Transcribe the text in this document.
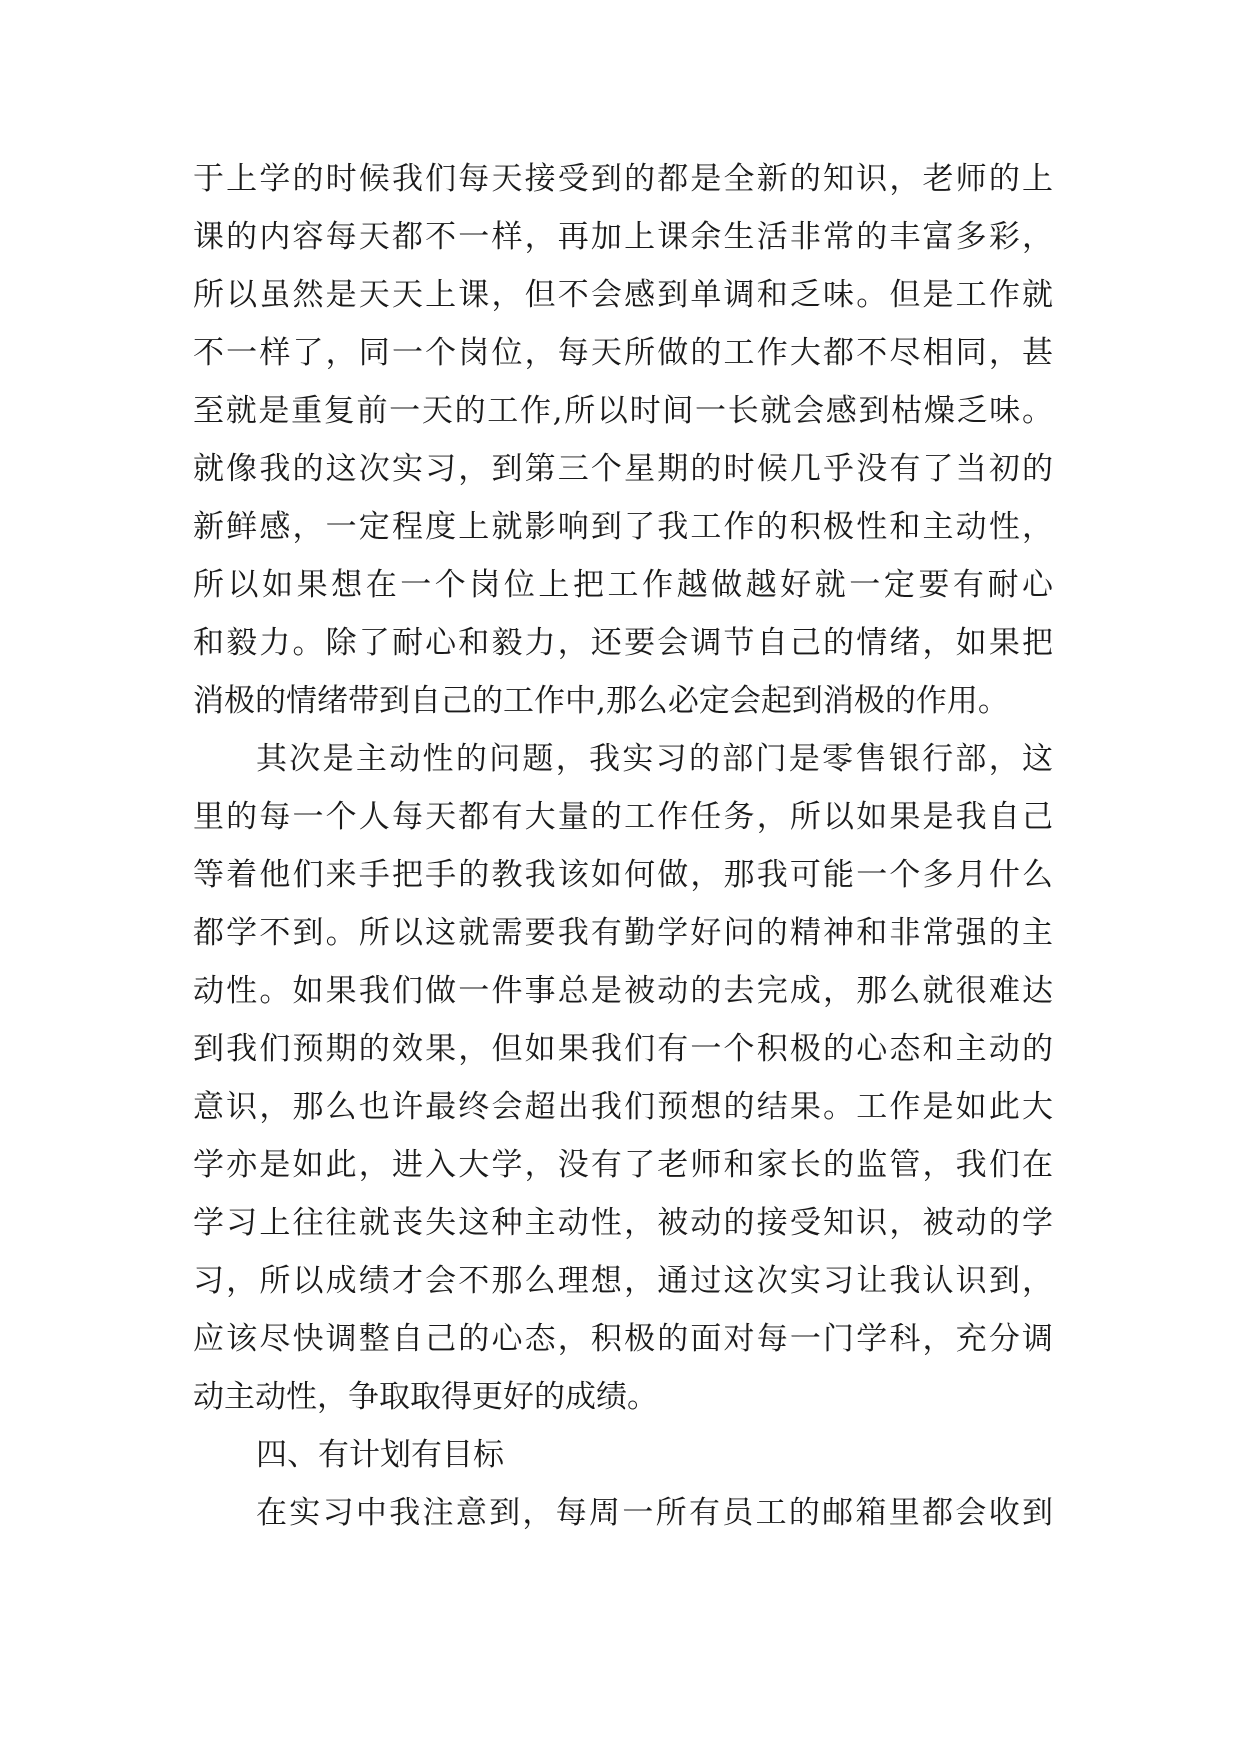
于上学的时候我们每天接受到的都是全新的知识，老师的上
课的内容每天都不一样，再加上课余生活非常的丰富多彩，
所以虽然是天天上课，但不会感到单调和乏味。但是工作就
不一样了，同一个岗位，每天所做的工作大都不尽相同，甚
至就是重复前一天的工作,所以时间一长就会感到枯燥乏味。
就像我的这次实习，到第三个星期的时候几乎没有了当初的
新鲜感，一定程度上就影响到了我工作的积极性和主动性，
所以如果想在一个岗位上把工作越做越好就一定要有耐心
和毅力。除了耐心和毅力，还要会调节自己的情绪，如果把
消极的情绪带到自己的工作中,那么必定会起到消极的作用。
其次是主动性的问题，我实习的部门是零售银行部，这
里的每一个人每天都有大量的工作任务，所以如果是我自己
等着他们来手把手的教我该如何做，那我可能一个多月什么
都学不到。所以这就需要我有勤学好问的精神和非常强的主
动性。如果我们做一件事总是被动的去完成，那么就很难达
到我们预期的效果，但如果我们有一个积极的心态和主动的
意识，那么也许最终会超出我们预想的结果。工作是如此大
学亦是如此，进入大学，没有了老师和家长的监管，我们在
学习上往往就丧失这种主动性，被动的接受知识，被动的学
习，所以成绩才会不那么理想，通过这次实习让我认识到，
应该尽快调整自己的心态，积极的面对每一门学科，充分调
动主动性，争取取得更好的成绩。
四、有计划有目标
在实习中我注意到，每周一所有员工的邮箱里都会收到
